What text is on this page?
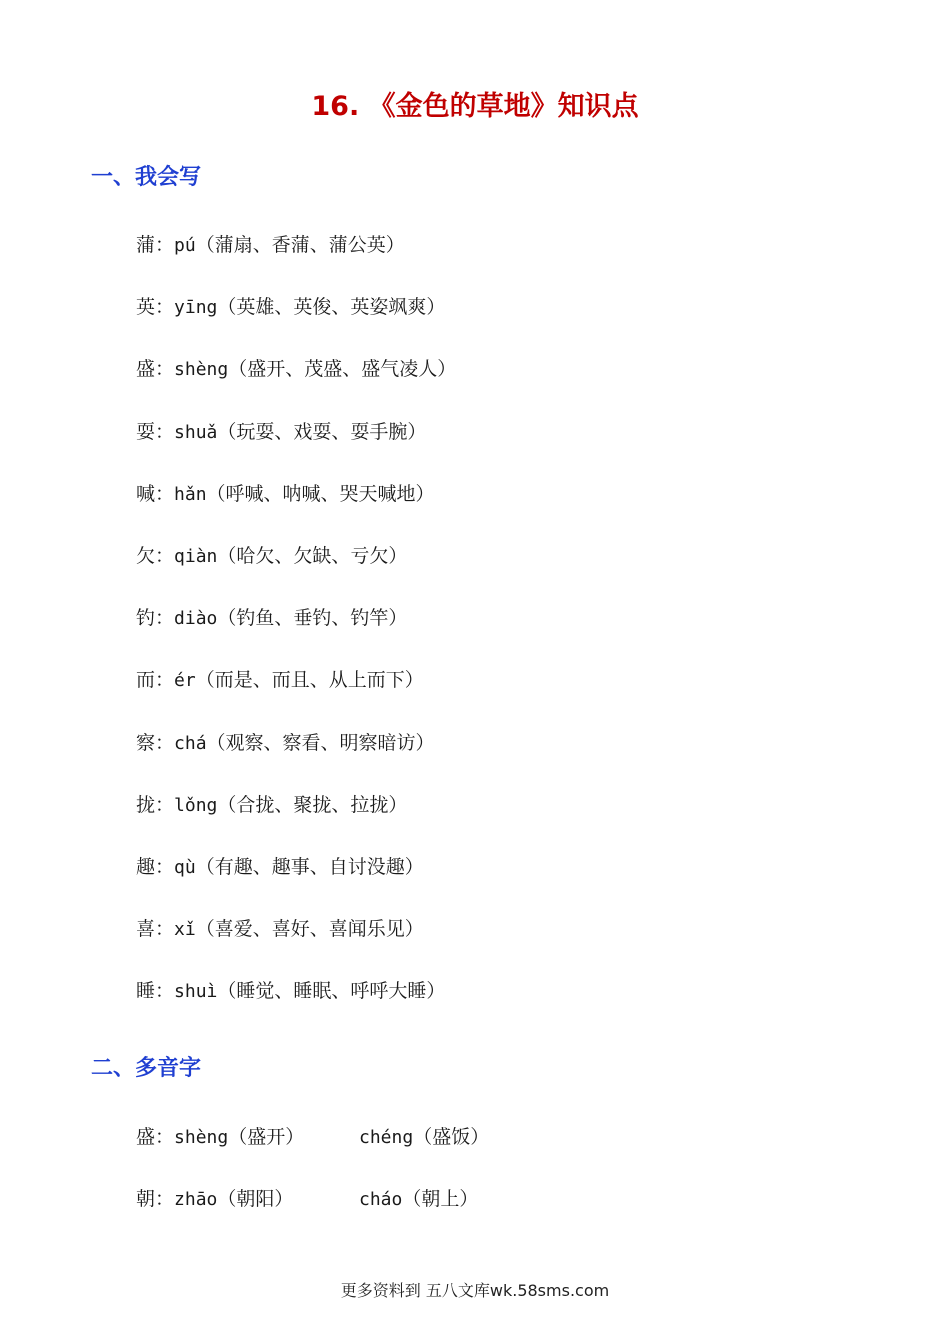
16. 《金色的草地》知识点
一、我会写
蒲：pú（蒲扇、香蒲、蒲公英）
英：yīng（英雄、英俊、英姿飒爽）
盛：shèng（盛开、茂盛、盛气凌人）
耍：shuǎ（玩耍、戏耍、耍手腕）
喊：hǎn（呼喊、呐喊、哭天喊地）
欠：qiàn（哈欠、欠缺、亏欠）
钓：diào（钓鱼、垂钓、钓竿）
而：ér（而是、而且、从上而下）
察：chá（观察、察看、明察暗访）
拢：lǒng（合拢、聚拢、拉拢）
趣：qù（有趣、趣事、自讨没趣）
喜：xǐ（喜爱、喜好、喜闻乐见）
睡：shuì（睡觉、睡眠、呼呼大睡）
二、多音字
盛：shèng（盛开）	chéng（盛饭）
朝：zhāo（朝阳）	cháo（朝上）
更多资料到 五八文库wk.58sms.com
